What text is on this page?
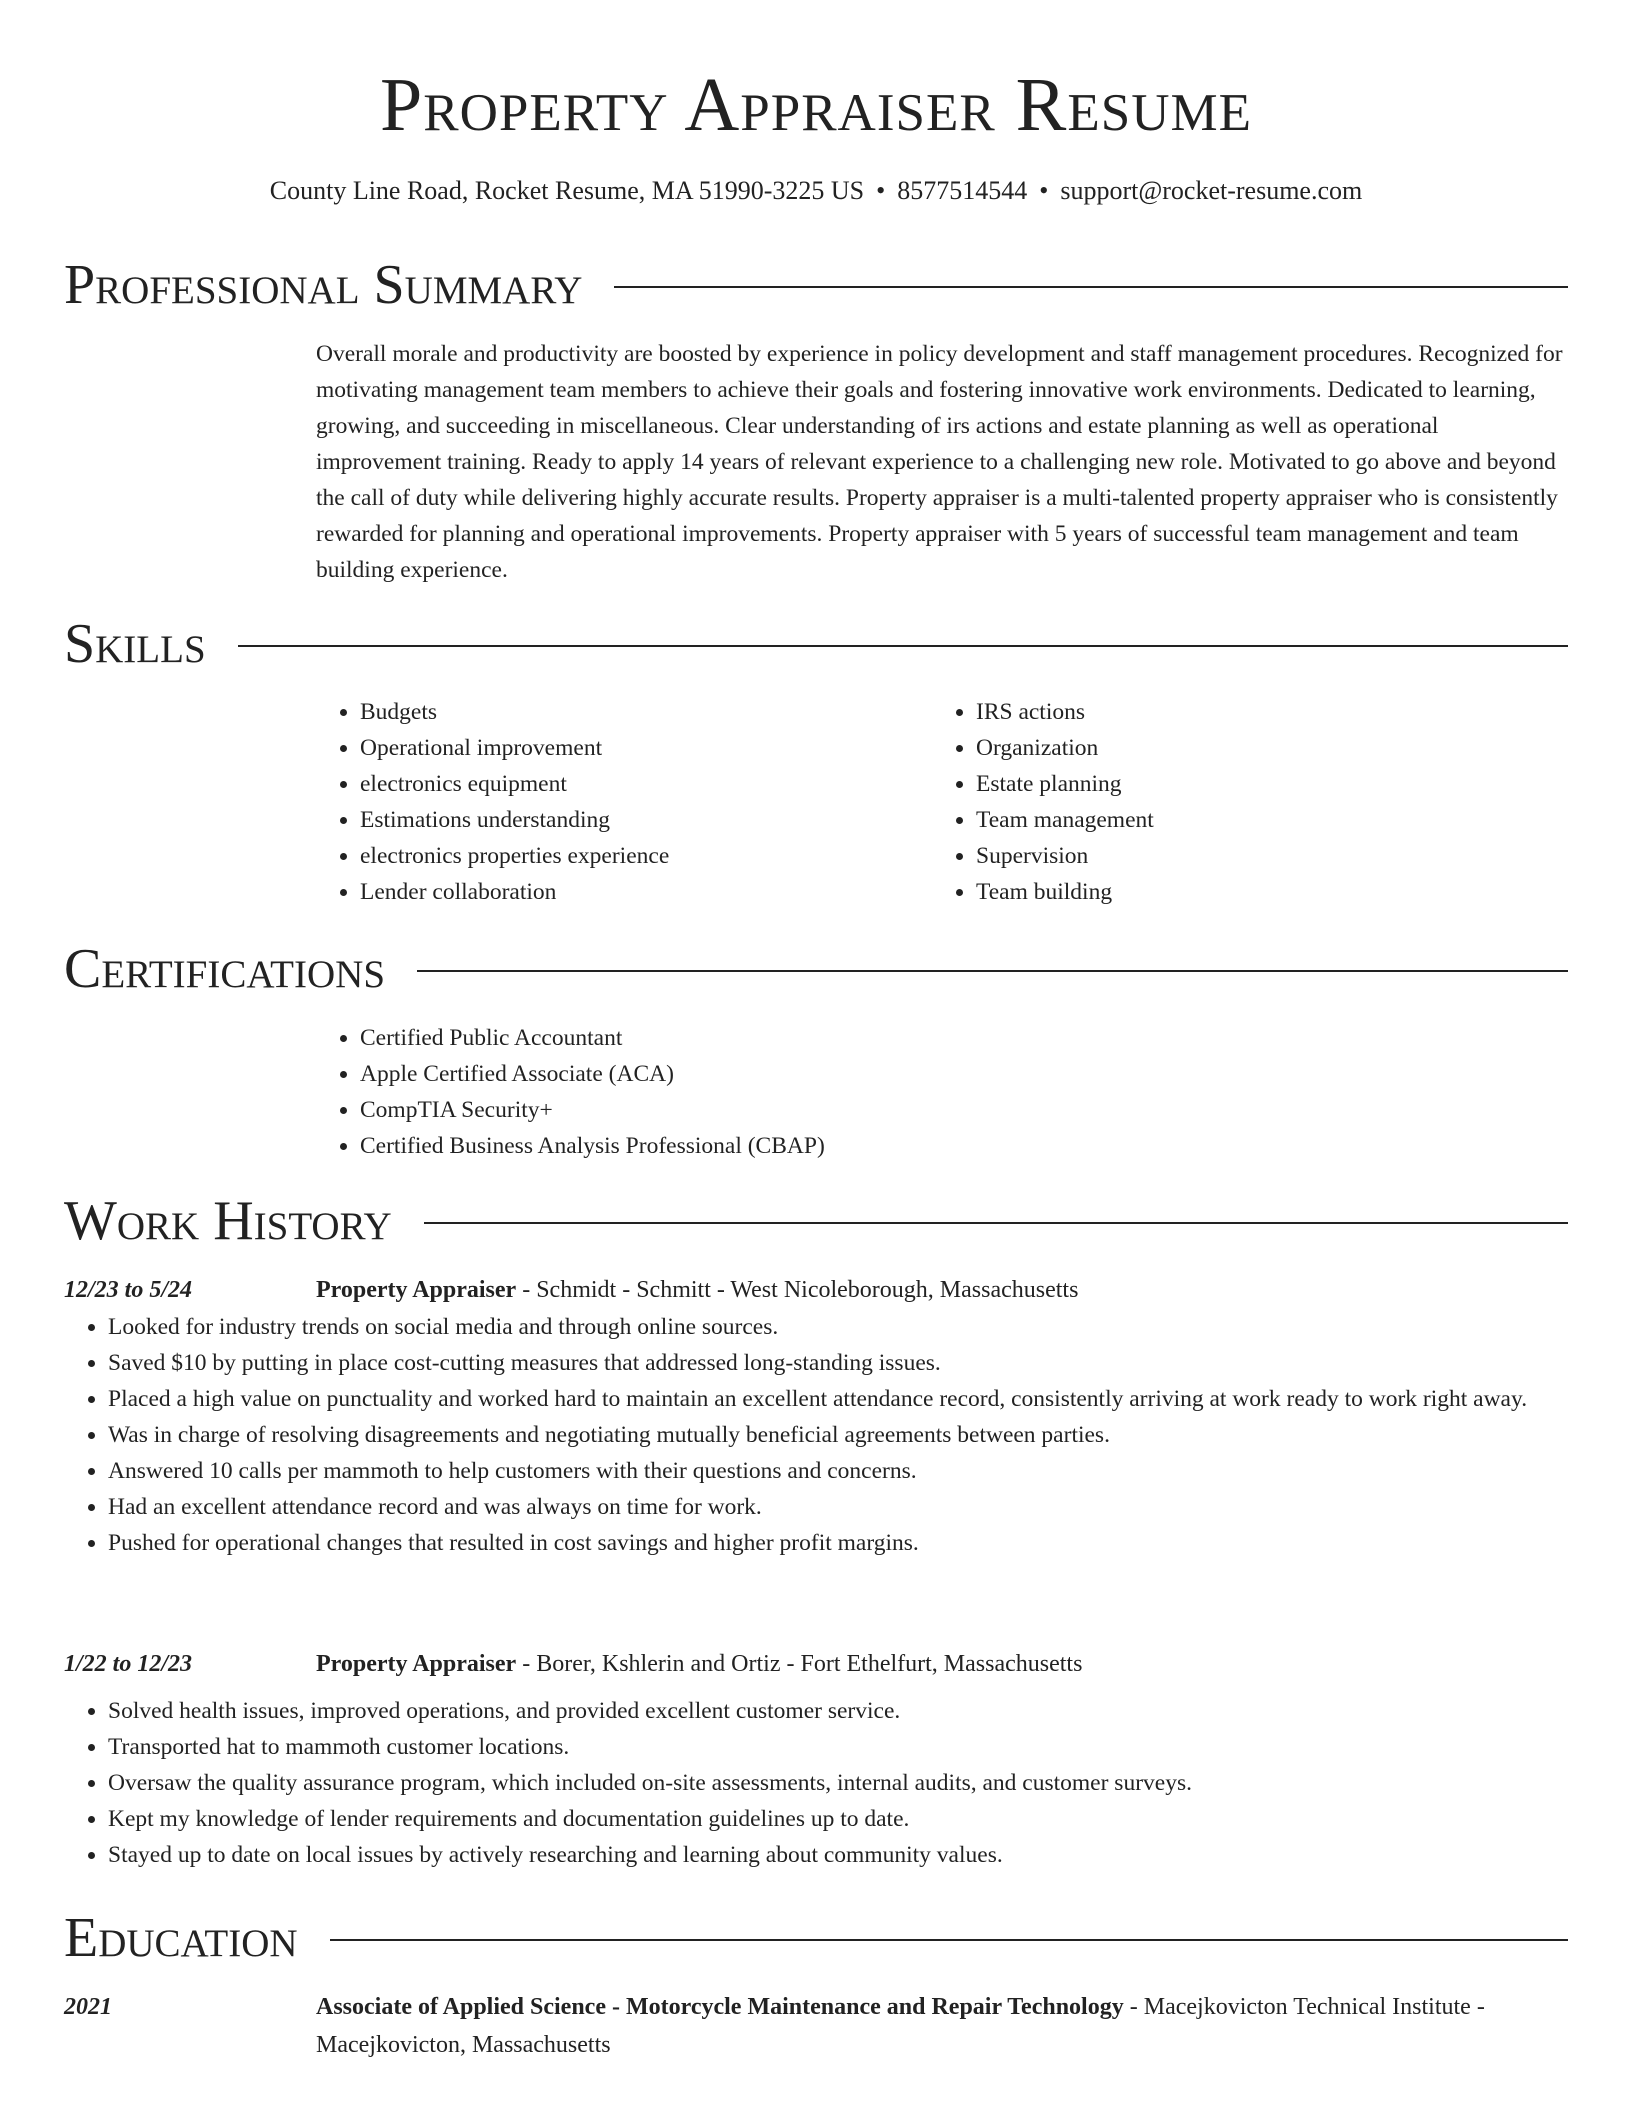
Property Appraiser Resume
County Line Road, Rocket Resume, MA 51990-3225 US • 8577514544 • support@rocket-resume.com
Professional Summary

Overall morale and productivity are boosted by experience in policy development and staff management procedures. Recognized for motivating management team members to achieve their goals and fostering innovative work environments. Dedicated to learning, growing, and succeeding in miscellaneous. Clear understanding of irs actions and estate planning as well as operational improvement training. Ready to apply 14 years of relevant experience to a challenging new role. Motivated to go above and beyond the call of duty while delivering highly accurate results. Property appraiser is a multi-talented property appraiser who is consistently rewarded for planning and operational improvements. Property appraiser with 5 years of successful team management and team building experience.

Skills
• Budgets
• Operational improvement
• electronics equipment
• Estimations understanding
• electronics properties experience
• Lender collaboration
• IRS actions
• Organization
• Estate planning
• Team management
• Supervision
• Team building
Certifications
• Certified Public Accountant
• Apple Certified Associate (ACA)
• CompTIA Security+
• Certified Business Analysis Professional (CBAP)
Work History
12/23 to 5/24	Property Appraiser - Schmidt - Schmitt - West Nicoleborough, Massachusetts
• Looked for industry trends on social media and through online sources.
• Saved $10 by putting in place cost-cutting measures that addressed long-standing issues.
• Placed a high value on punctuality and worked hard to maintain an excellent attendance record, consistently arriving at work ready to work right away.
• Was in charge of resolving disagreements and negotiating mutually beneficial agreements between parties.
• Answered 10 calls per mammoth to help customers with their questions and concerns.
• Had an excellent attendance record and was always on time for work.
• Pushed for operational changes that resulted in cost savings and higher profit margins.
1/22 to 12/23	Property Appraiser - Borer, Kshlerin and Ortiz - Fort Ethelfurt, Massachusetts
• Solved health issues, improved operations, and provided excellent customer service.
• Transported hat to mammoth customer locations.
• Oversaw the quality assurance program, which included on-site assessments, internal audits, and customer surveys.
• Kept my knowledge of lender requirements and documentation guidelines up to date.
• Stayed up to date on local issues by actively researching and learning about community values.
Education
2021	Associate of Applied Science - Motorcycle Maintenance and Repair Technology - Macejkovicton Technical Institute - Macejkovicton, Massachusetts
